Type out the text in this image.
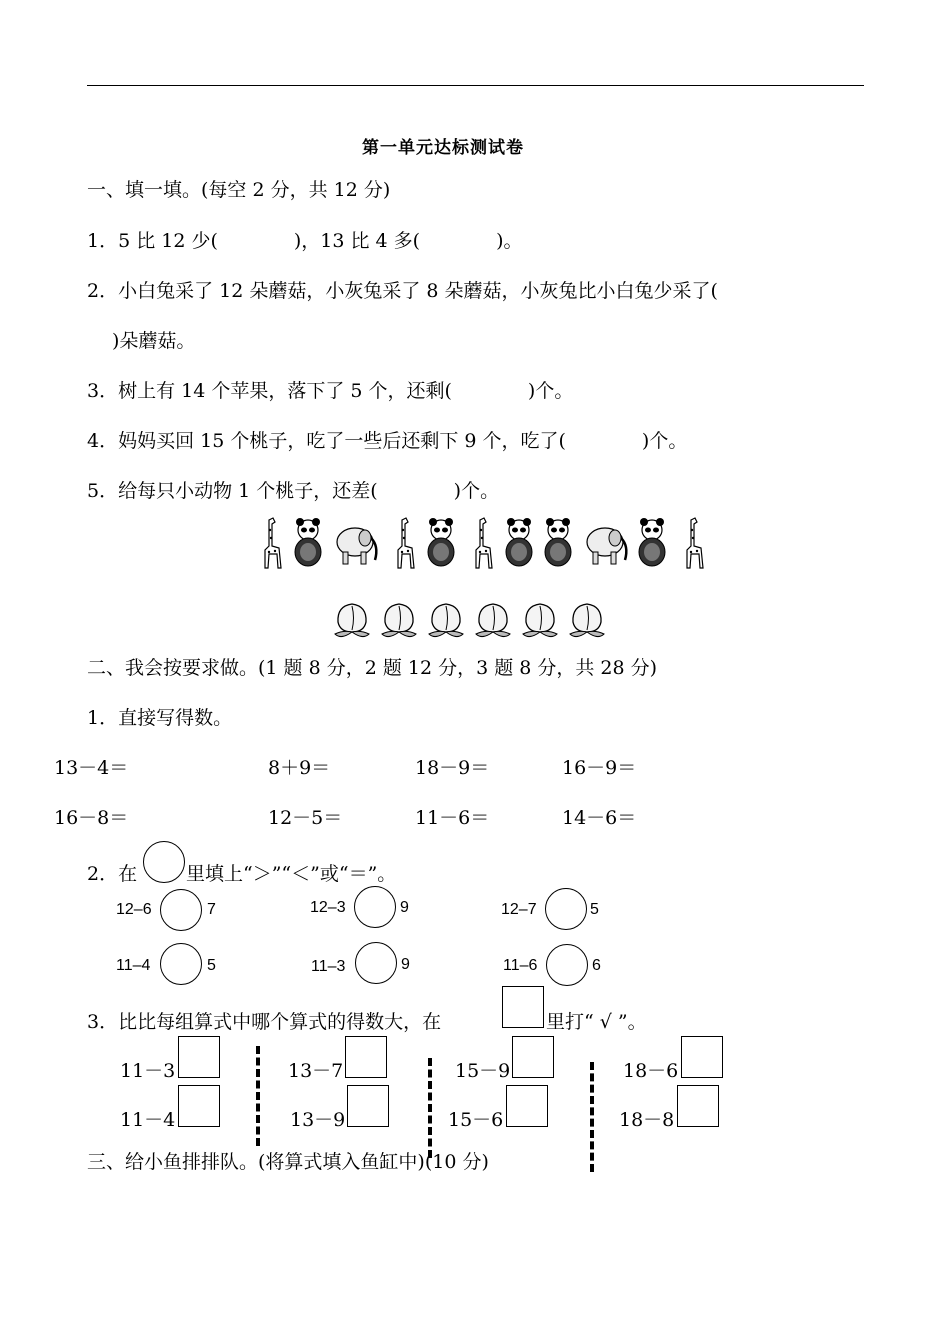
第一单元达标测试卷
一、填一填。(每空 2 分，共 12 分)
1．5 比 12 少(　　　　)，13 比 4 多(　　　　)。
2．小白兔采了 12 朵蘑菇，小灰兔采了 8 朵蘑菇，小灰兔比小白兔少采了(
)朵蘑菇。
3．树上有 14 个苹果，落下了 5 个，还剩(　　　　)个。
4．妈妈买回 15 个桃子，吃了一些后还剩下 9 个，吃了(　　　　)个。
5．给每只小动物 1 个桃子，还差(　　　　)个。
二、我会按要求做。(1 题 8 分，2 题 12 分，3 题 8 分，共 28 分)
1．直接写得数。
13－4＝	8＋9＝	18－9＝	16－9＝
16－8＝	12－5＝	11－6＝	14－6＝
2．在	里填上“＞”“＜”或“＝”。
12–6	7	12–3	9	12–7	5
11–4	5	11–3	9	11–6	6
3．比比每组算式中哪个算式的得数大，在	里打“ √ ”。
11－3	13－7	15－9	18－6
11－4	13－9	15－6	18－8
三、给小鱼排排队。(将算式填入鱼缸中)(10 分)
